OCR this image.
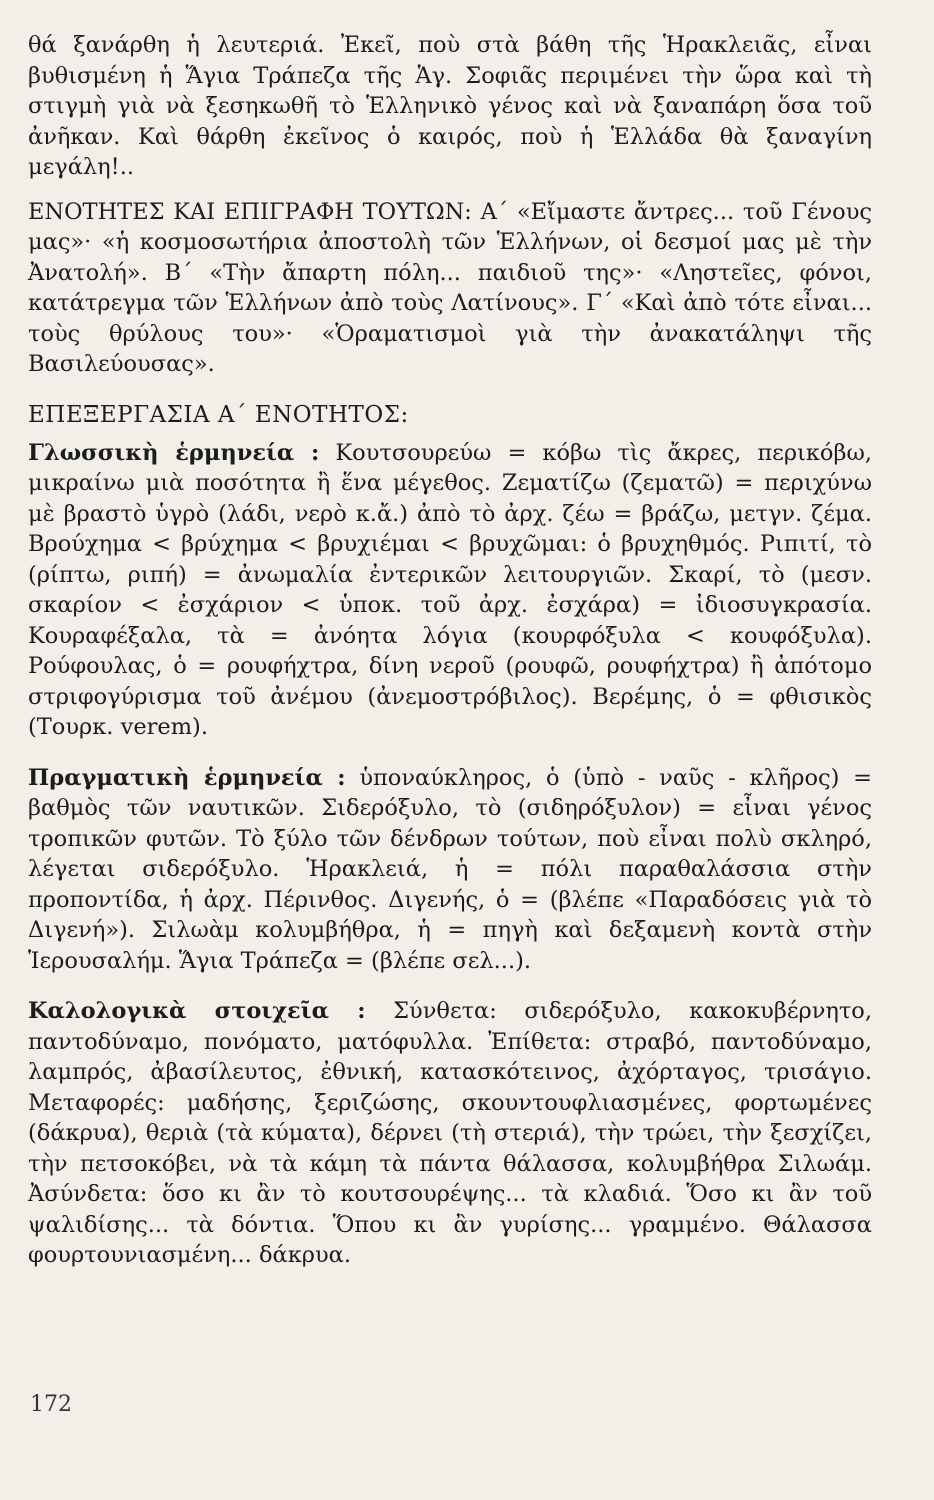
θά ξανάρθη ἡ λευτεριά. Ἐκεῖ, ποὺ στὰ βάθη τῆς Ἡρακλειᾶς, εἶναι βυθισμένη ἡ Ἅγια Τράπεζα τῆς Ἁγ. Σοφιᾶς περιμένει τὴν ὥρα καὶ τὴ στιγμὴ γιὰ νὰ ξεσηκωθῆ τὸ Ἑλληνικὸ γένος καὶ νὰ ξαναπάρη ὅσα τοῦ ἀνῆκαν. Καὶ θάρθη ἐκεῖνος ὁ καιρός, ποὺ ἡ Ἑλλάδα θὰ ξαναγίνη μεγάλη!..

ΕΝΟΤΗΤΕΣ ΚΑΙ ΕΠΙΓΡΑΦΗ ΤΟΥΤΩΝ: Α΄ «Εἴμαστε ἄντρες... τοῦ Γένους μας»· «ἡ κοσμοσωτήρια ἀποστολὴ τῶν Ἑλλήνων, οἱ δεσμοί μας μὲ τὴν Ἀνατολή». Β΄ «Τὴν ἄπαρτη πόλη... παιδιοῦ της»· «Ληστεῖες, φόνοι, κατάτρεγμα τῶν Ἑλλήνων ἀπὸ τοὺς Λατίνους». Γ΄ «Καὶ ἀπὸ τότε εἶναι... τοὺς θρύλους του»· «Ὁραματισμοὶ γιὰ τὴν ἀνακατάληψι τῆς Βασιλεύουσας».

ΕΠΕΞΕΡΓΑΣΙΑ Α΄ ΕΝΟΤΗΤΟΣ:

Γλωσσικὴ ἑρμηνεία : Κουτσουρεύω = κόβω τὶς ἄκρες, περικόβω, μικραίνω μιὰ ποσότητα ἢ ἕνα μέγεθος. Ζεματίζω (ζεματῶ) = περιχύνω μὲ βραστὸ ὑγρὸ (λάδι, νερὸ κ.ἄ.) ἀπὸ τὸ ἀρχ. ζέω = βράζω, μετγν. ζέμα. Βρούχημα < βρύχημα < βρυχιέμαι < βρυχῶμαι: ὁ βρυχηθμός. Ριπιτί, τὸ (ρίπτω, ριπή) = ἀνωμαλία ἐντερικῶν λειτουργιῶν. Σκαρί, τὸ (μεσν. σκαρίον < ἐσχάριον < ὑποκ. τοῦ ἀρχ. ἐσχάρα) = ἰδιοσυγκρασία. Κουραφέξαλα, τὰ = ἀνόητα λόγια (κουρφόξυλα < κουφόξυλα). Ρούφουλας, ὁ = ρουφήχτρα, δίνη νεροῦ (ρουφῶ, ρουφήχτρα) ἢ ἀπότομο στριφογύρισμα τοῦ ἀνέμου (ἀνεμοστρόβιλος). Βερέμης, ὁ = φθισικὸς (Τουρκ. verem).

Πραγματικὴ ἑρμηνεία : ὑποναύκληρος, ὁ (ὑπὸ - ναῦς - κλῆρος) = βαθμὸς τῶν ναυτικῶν. Σιδερόξυλο, τὸ (σιδηρόξυλον) = εἶναι γένος τροπικῶν φυτῶν. Τὸ ξύλο τῶν δένδρων τούτων, ποὺ εἶναι πολὺ σκληρό, λέγεται σιδερόξυλο. Ἡρακλειά, ἡ = πόλι παραθαλάσσια στὴν προποντίδα, ἡ ἀρχ. Πέρινθος. Διγενής, ὁ = (βλέπε «Παραδόσεις γιὰ τὸ Διγενή»). Σιλωὰμ κολυμβήθρα, ἡ = πηγὴ καὶ δεξαμενὴ κοντὰ στὴν Ἱερουσαλήμ. Ἅγια Τράπεζα = (βλέπε σελ...).

Καλολογικὰ στοιχεῖα : Σύνθετα: σιδερόξυλο, κακοκυβέρνητο, παντοδύναμο, πονόματο, ματόφυλλα. Ἐπίθετα: στραβό, παντοδύναμο, λαμπρός, ἀβασίλευτος, ἐθνική, κατασκότεινος, ἀχόρταγος, τρισάγιο. Μεταφορές: μαδήσης, ξεριζώσης, σκουντουφλιασμένες, φορτωμένες (δάκρυα), θεριὰ (τὰ κύματα), δέρνει (τὴ στεριά), τὴν τρώει, τὴν ξεσχίζει, τὴν πετσοκόβει, νὰ τὰ κάμη τὰ πάντα θάλασσα, κολυμβήθρα Σιλωάμ. Ἀσύνδετα: ὅσο κι ἂν τὸ κουτσουρέψης... τὰ κλαδιά. Ὅσο κι ἂν τοῦ ψαλιδίσης... τὰ δόντια. Ὅπου κι ἂν γυρίσης... γραμμένο. Θάλασσα φουρτουνιασμένη... δάκρυα.

172
